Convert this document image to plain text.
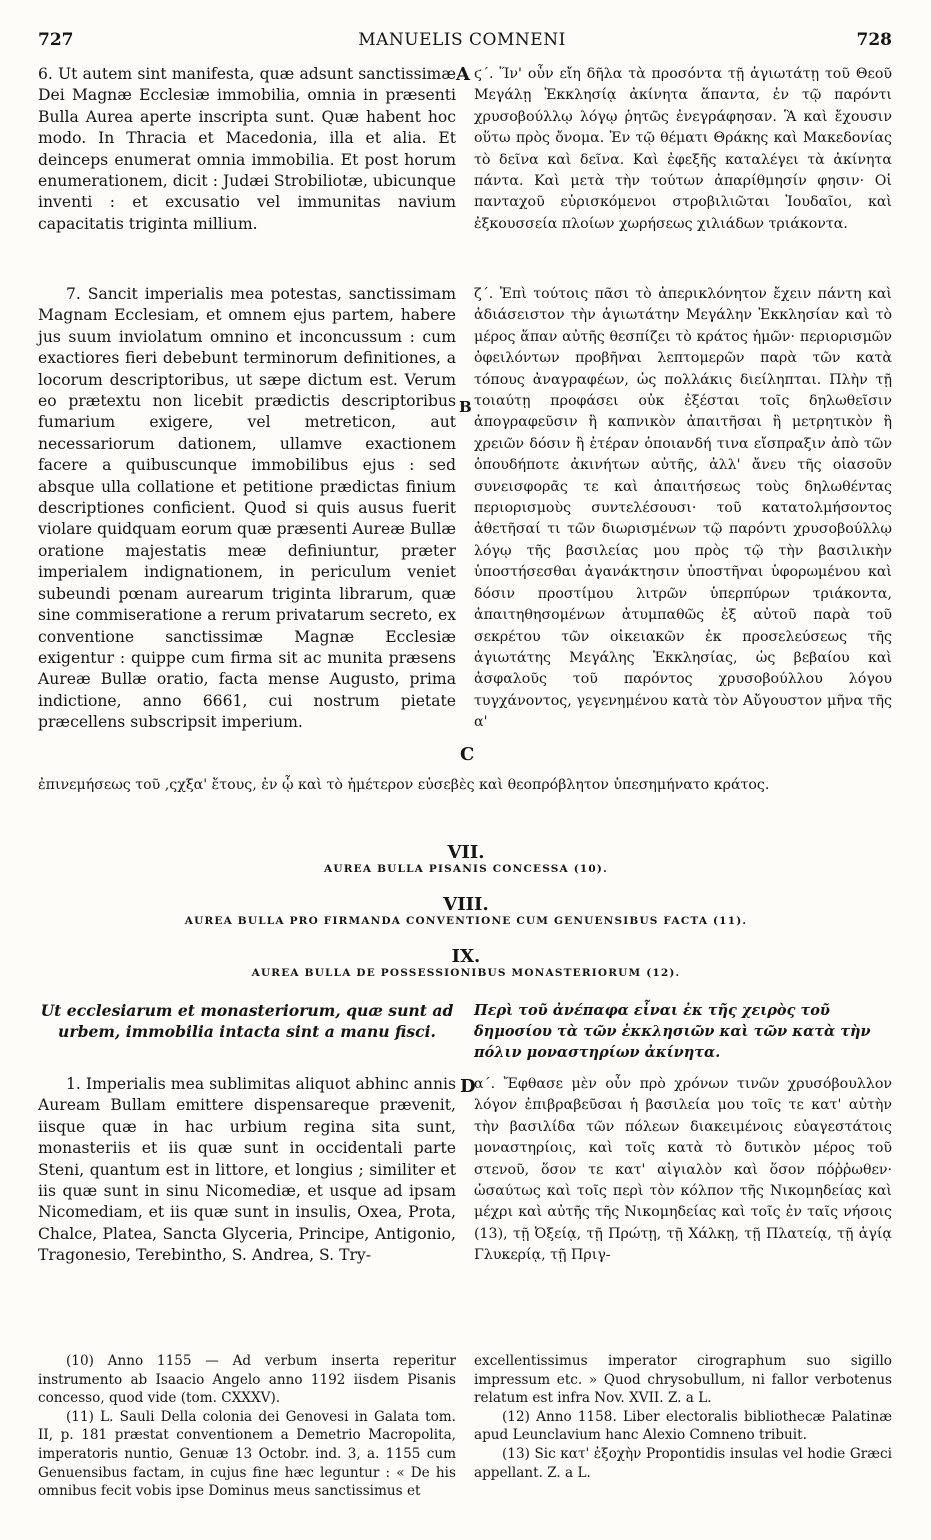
727	MANUELIS COMNENI	728

6. Ut autem sint manifesta, quæ adsunt sanctissimæ Dei Magnæ Ecclesiæ immobilia, omnia in præsenti Bulla Aurea aperte inscripta sunt. Quæ habent hoc modo. In Thracia et Macedonia, illa et alia. Et deinceps enumerat omnia immobilia. Et post horum enumerationem, dicit : Judæi Strobiliotæ, ubicunque inventi : et excusatio vel immunitas navium capacitatis triginta millium.

A ϛ΄. Ἵν' οὖν εἴη δῆλα τὰ προσόντα τῇ ἁγιωτάτῃ τοῦ Θεοῦ Μεγάλῃ Ἐκκλησίᾳ ἀκίνητα ἅπαντα, ἐν τῷ παρόντι χρυσοβούλλῳ λόγῳ ῥητῶς ἐνεγράφησαν. Ἃ καὶ ἔχουσιν οὕτω πρὸς ὄνομα. Ἐν τῷ θέματι Θράκης καὶ Μακεδονίας τὸ δεῖνα καὶ δεῖνα. Καὶ ἐφεξῆς καταλέγει τὰ ἀκίνητα πάντα. Καὶ μετὰ τὴν τούτων ἀπαρίθμησίν φησιν· Οἱ πανταχοῦ εὑρισκόμενοι στροβιλιῶται Ἰουδαῖοι, καὶ ἐξκουσσεία πλοίων χωρήσεως χιλιάδων τριάκοντα.

7. Sancit imperialis mea potestas, sanctissimam Magnam Ecclesiam, et omnem ejus partem, habere jus suum inviolatum omnino et inconcussum : cum exactiores fieri debebunt terminorum definitiones, a locorum descriptoribus, ut sæpe dictum est. Verum eo prætextu non licebit prædictis descriptoribus fumarium exigere, vel metreticon, aut necessariorum dationem, ullamve exactionem facere a quibuscunque immobilibus ejus : sed absque ulla collatione et petitione prædictas finium descriptiones conficient. Quod si quis ausus fuerit violare quidquam eorum quæ præsenti Aureæ Bullæ oratione majestatis meæ definiuntur, præter imperialem indignationem, in periculum veniet subeundi pœnam aurearum triginta librarum, quæ sine commiseratione a rerum privatarum secreto, ex conventione sanctissimæ Magnæ Ecclesiæ exigentur : quippe cum firma sit ac munita præsens Aureæ Bullæ oratio, facta mense Augusto, prima indictione, anno 6661, cui nostrum pietate præcellens subscripsit imperium.

B

ζ΄. Ἐπὶ τούτοις πᾶσι τὸ ἀπερικλόνητον ἔχειν πάντη καὶ ἀδιάσειστον τὴν ἁγιωτάτην Μεγάλην Ἐκκλησίαν καὶ τὸ μέρος ἅπαν αὐτῆς θεσπίζει τὸ κράτος ἡμῶν· περιορισμῶν ὀφειλόντων προβῆναι λεπτομερῶν παρὰ τῶν κατὰ τόπους ἀναγραφέων, ὡς πολλάκις διείληπται. Πλὴν τῇ τοιαύτῃ προφάσει οὐκ ἐξέσται τοῖς δηλωθεῖσιν ἀπογραφεῦσιν ἢ καπνικὸν ἀπαιτῆσαι ἢ μετρητικὸν ἢ χρειῶν δόσιν ἢ ἑτέραν ὁποιανδή τινα εἴσπραξιν ἀπὸ τῶν ὁπουδήποτε ἀκινήτων αὐτῆς, ἀλλ' ἄνευ τῆς οἱασοῦν συνεισφορᾶς τε καὶ ἀπαιτήσεως τοὺς δηλωθέντας περιορισμοὺς συντελέσουσι· τοῦ κατατολμήσοντος ἀθετῆσαί τι τῶν διωρισμένων τῷ παρόντι χρυσοβούλλῳ λόγῳ τῆς βασιλείας μου πρὸς τῷ τὴν βασιλικὴν ὑποστήσεσθαι ἀγανάκτησιν ὑποστῆναι ὑφορωμένου καὶ δόσιν προστίμου λιτρῶν ὑπερπύρων τριάκοντα, ἀπαιτηθησομένων ἀτυμπαθῶς ἐξ αὐτοῦ παρὰ τοῦ σεκρέτου τῶν οἰκειακῶν ἐκ προσελεύσεως τῆς ἁγιωτάτης Μεγάλης Ἐκκλησίας, ὡς βεβαίου καὶ ἀσφαλοῦς τοῦ παρόντος χρυσοβούλλου λόγου τυγχάνοντος, γεγενημένου κατὰ τὸν Αὔγουστον μῆνα τῆς α'

C

ἐπινεμήσεως τοῦ ,ςχξα' ἔτους, ἐν ᾧ καὶ τὸ ἡμέτερον εὐσεβὲς καὶ θεοπρόβλητον ὑπεσημήνατο κράτος.

VII.
AUREA BULLA PISANIS CONCESSA (10).
VIII.
AUREA BULLA PRO FIRMANDA CONVENTIONE CUM GENUENSIBUS FACTA (11).
IX.
AUREA BULLA DE POSSESSIONIBUS MONASTERIORUM (12).
Ut ecclesiarum et monasteriorum, quæ sunt ad urbem, immobilia intacta sint a manu fisci.
Περὶ τοῦ ἀνέπαφα εἶναι ἐκ τῆς χειρὸς τοῦ δημοσίου τὰ τῶν ἐκκλησιῶν καὶ τῶν κατὰ τὴν πόλιν μοναστηρίων ἀκίνητα.

1. Imperialis mea sublimitas aliquot abhinc annis Auream Bullam emittere dispensareque prævenit, iisque quæ in hac urbium regina sita sunt, monasteriis et iis quæ sunt in occidentali parte Steni, quantum est in littore, et longius ; similiter et iis quæ sunt in sinu Nicomediæ, et usque ad ipsam Nicomediam, et iis quæ sunt in insulis, Oxea, Prota, Chalce, Platea, Sancta Glyceria, Principe, Antigonio, Tragonesio, Terebintho, S. Andrea, S. Try-

D

α΄. Ἔφθασε μὲν οὖν πρὸ χρόνων τινῶν χρυσόβουλλον λόγον ἐπιβραβεῦσαι ἡ βασιλεία μου τοῖς τε κατ' αὐτὴν τὴν βασιλίδα τῶν πόλεων διακειμένοις εὐαγεστάτοις μοναστηρίοις, καὶ τοῖς κατὰ τὸ δυτικὸν μέρος τοῦ στενοῦ, ὅσον τε κατ' αἰγιαλὸν καὶ ὅσον πόῤῥωθεν· ὡσαύτως καὶ τοῖς περὶ τὸν κόλπον τῆς Νικομηδείας καὶ μέχρι καὶ αὐτῆς τῆς Νικομηδείας καὶ τοῖς ἐν ταῖς νήσοις (13), τῇ Ὀξείᾳ, τῇ Πρώτῃ, τῇ Χάλκῃ, τῇ Πλατείᾳ, τῇ ἁγίᾳ Γλυκερίᾳ, τῇ Πριγ-

(10) Anno 1155 — Ad verbum inserta reperitur instrumento ab Isaacio Angelo anno 1192 iisdem Pisanis concesso, quod vide (tom. CXXXV).

(11) L. Sauli Della colonia dei Genovesi in Galata tom. II, p. 181 præstat conventionem a Demetrio Macropolita, imperatoris nuntio, Genuæ 13 Octobr. ind. 3, a. 1155 cum Genuensibus factam, in cujus fine hæc leguntur : « De his omnibus fecit vobis ipse Dominus meus sanctissimus et

excellentissimus imperator cirographum suo sigillo impressum etc. » Quod chrysobullum, ni fallor verbotenus relatum est infra Nov. XVII. Z. a L.

(12) Anno 1158. Liber electoralis bibliothecæ Palatinæ apud Leunclavium hanc Alexio Comneno tribuit.

(13) Sic κατ' ἐξοχὴν Propontidis insulas vel hodie Græci appellant. Z. a L.
